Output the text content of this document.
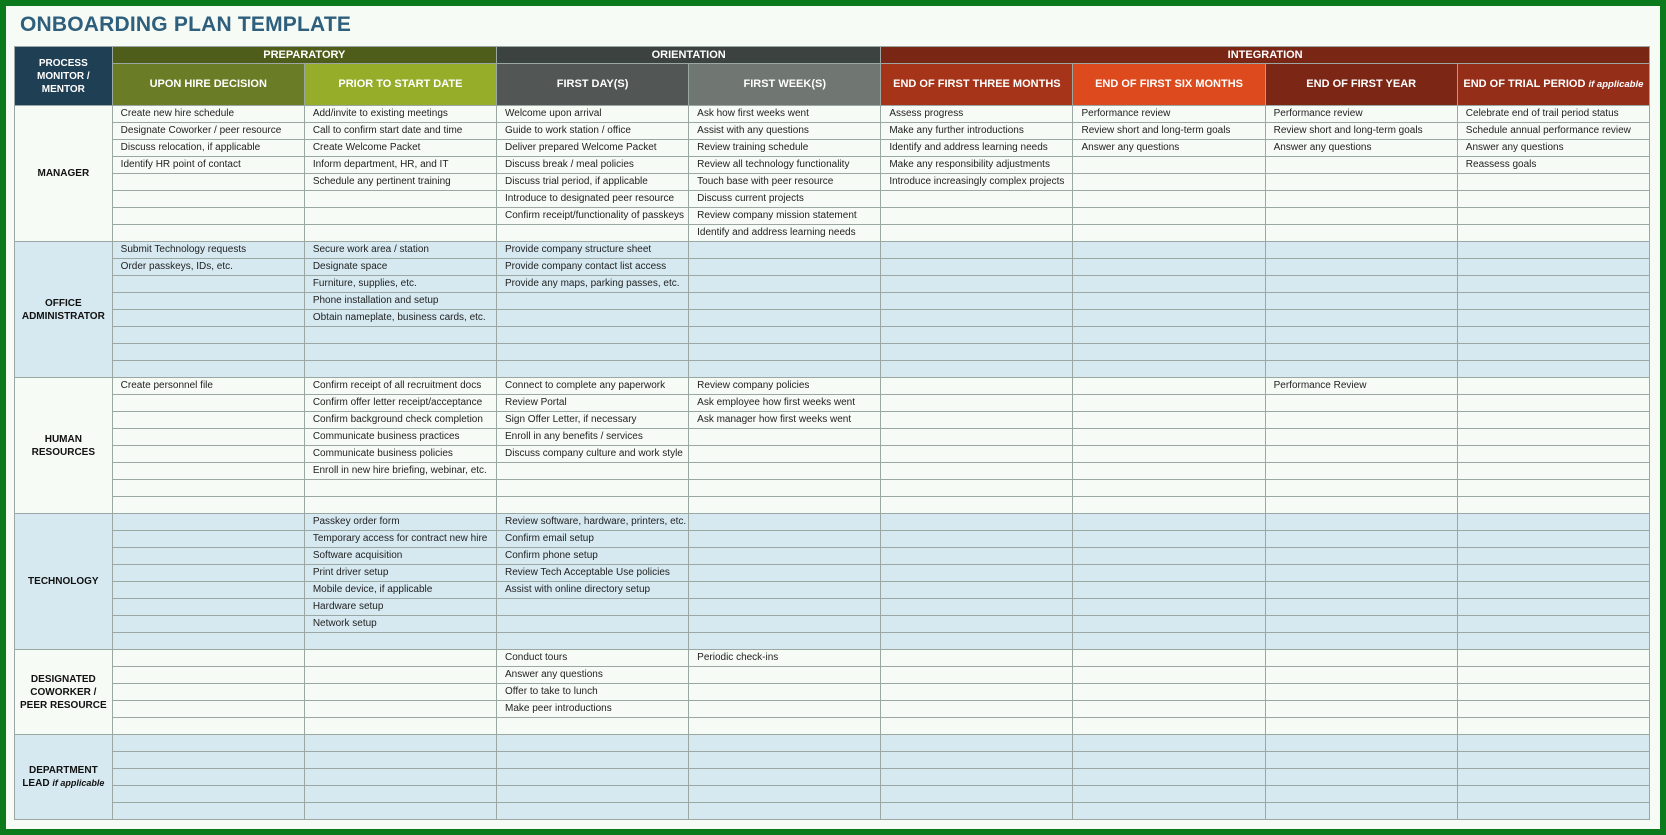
ONBOARDING PLAN TEMPLATE
PROCESS MONITOR / MENTOR	PREPARATORY		ORIENTATION		INTEGRATION			
	UPON HIRE DECISION	PRIOR TO START DATE	FIRST DAY(S)	FIRST WEEK(S)	END OF FIRST THREE MONTHS	END OF FIRST SIX MONTHS	END OF FIRST YEAR	END OF TRIAL PERIOD if applicable
MANAGER	Create new hire schedule	Add/invite to existing meetings	Welcome upon arrival	Ask how first weeks went	Assess progress	Performance review	Performance review	Celebrate end of trail period status
	Designate Coworker / peer resource	Call to confirm start date and time	Guide to work station / office	Assist with any questions	Make any further introductions	Review short and long-term goals	Review short and long-term goals	Schedule annual performance review
	Discuss relocation, if applicable	Create Welcome Packet	Deliver prepared Welcome Packet	Review training schedule	Identify and address learning needs	Answer any questions	Answer any questions	Answer any questions
	Identify HR point of contact	Inform department, HR, and IT	Discuss break / meal policies	Review all technology functionality	Make any responsibility adjustments			Reassess goals
		Schedule any pertinent training	Discuss trial period, if applicable	Touch base with peer resource	Introduce increasingly complex projects			
			Introduce to designated peer resource	Discuss current projects				
			Confirm receipt/functionality of passkeys	Review company mission statement				
				Identify and address learning needs				
OFFICE ADMINISTRATOR	Submit Technology requests	Secure work area / station	Provide company structure sheet					
	Order passkeys, IDs, etc.	Designate space	Provide company contact list access					
		Furniture, supplies, etc.	Provide any maps, parking passes, etc.					
		Phone installation and setup						
		Obtain nameplate, business cards, etc.						

HUMAN RESOURCES	Create personnel file	Confirm receipt of all recruitment docs	Connect to complete any paperwork	Review company policies			Performance Review	
		Confirm offer letter receipt/acceptance	Review Portal	Ask employee how first weeks went				
		Confirm background check completion	Sign Offer Letter, if necessary	Ask manager how first weeks went				
		Communicate business practices	Enroll in any benefits / services					
		Communicate business policies	Discuss company culture and work style					
		Enroll in new hire briefing, webinar, etc.						

TECHNOLOGY		Passkey order form	Review software, hardware, printers, etc.					
		Temporary access for contract new hire	Confirm email setup					
		Software acquisition	Confirm phone setup					
		Print driver setup	Review Tech Acceptable Use policies					
		Mobile device, if applicable	Assist with online directory setup					
		Hardware setup						
		Network setup						

DESIGNATED COWORKER / PEER RESOURCE			Conduct tours	Periodic check-ins				
			Answer any questions					
			Offer to take to lunch					
			Make peer introductions					

DEPARTMENT LEAD if applicable								
